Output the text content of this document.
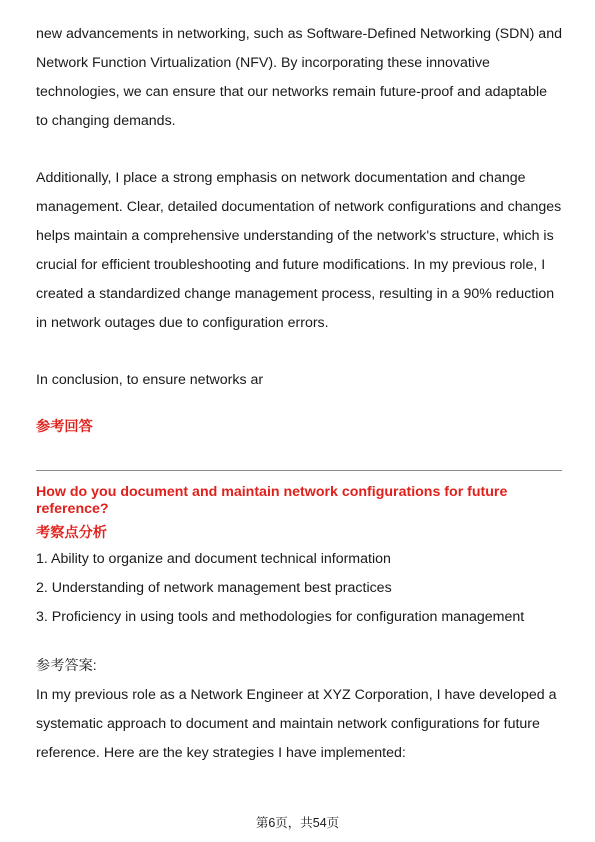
new advancements in networking, such as Software-Defined Networking (SDN) and Network Function Virtualization (NFV). By incorporating these innovative technologies, we can ensure that our networks remain future-proof and adaptable to changing demands.

Additionally, I place a strong emphasis on network documentation and change management. Clear, detailed documentation of network configurations and changes helps maintain a comprehensive understanding of the network's structure, which is crucial for efficient troubleshooting and future modifications. In my previous role, I created a standardized change management process, resulting in a 90% reduction in network outages due to configuration errors.

In conclusion, to ensure networks ar

参考回答

How do you document and maintain network configurations for future reference?

考察点分析

1. Ability to organize and document technical information
2. Understanding of network management best practices
3. Proficiency in using tools and methodologies for configuration management

参考答案:

In my previous role as a Network Engineer at XYZ Corporation, I have developed a systematic approach to document and maintain network configurations for future reference. Here are the key strategies I have implemented:

第6页，共54页
